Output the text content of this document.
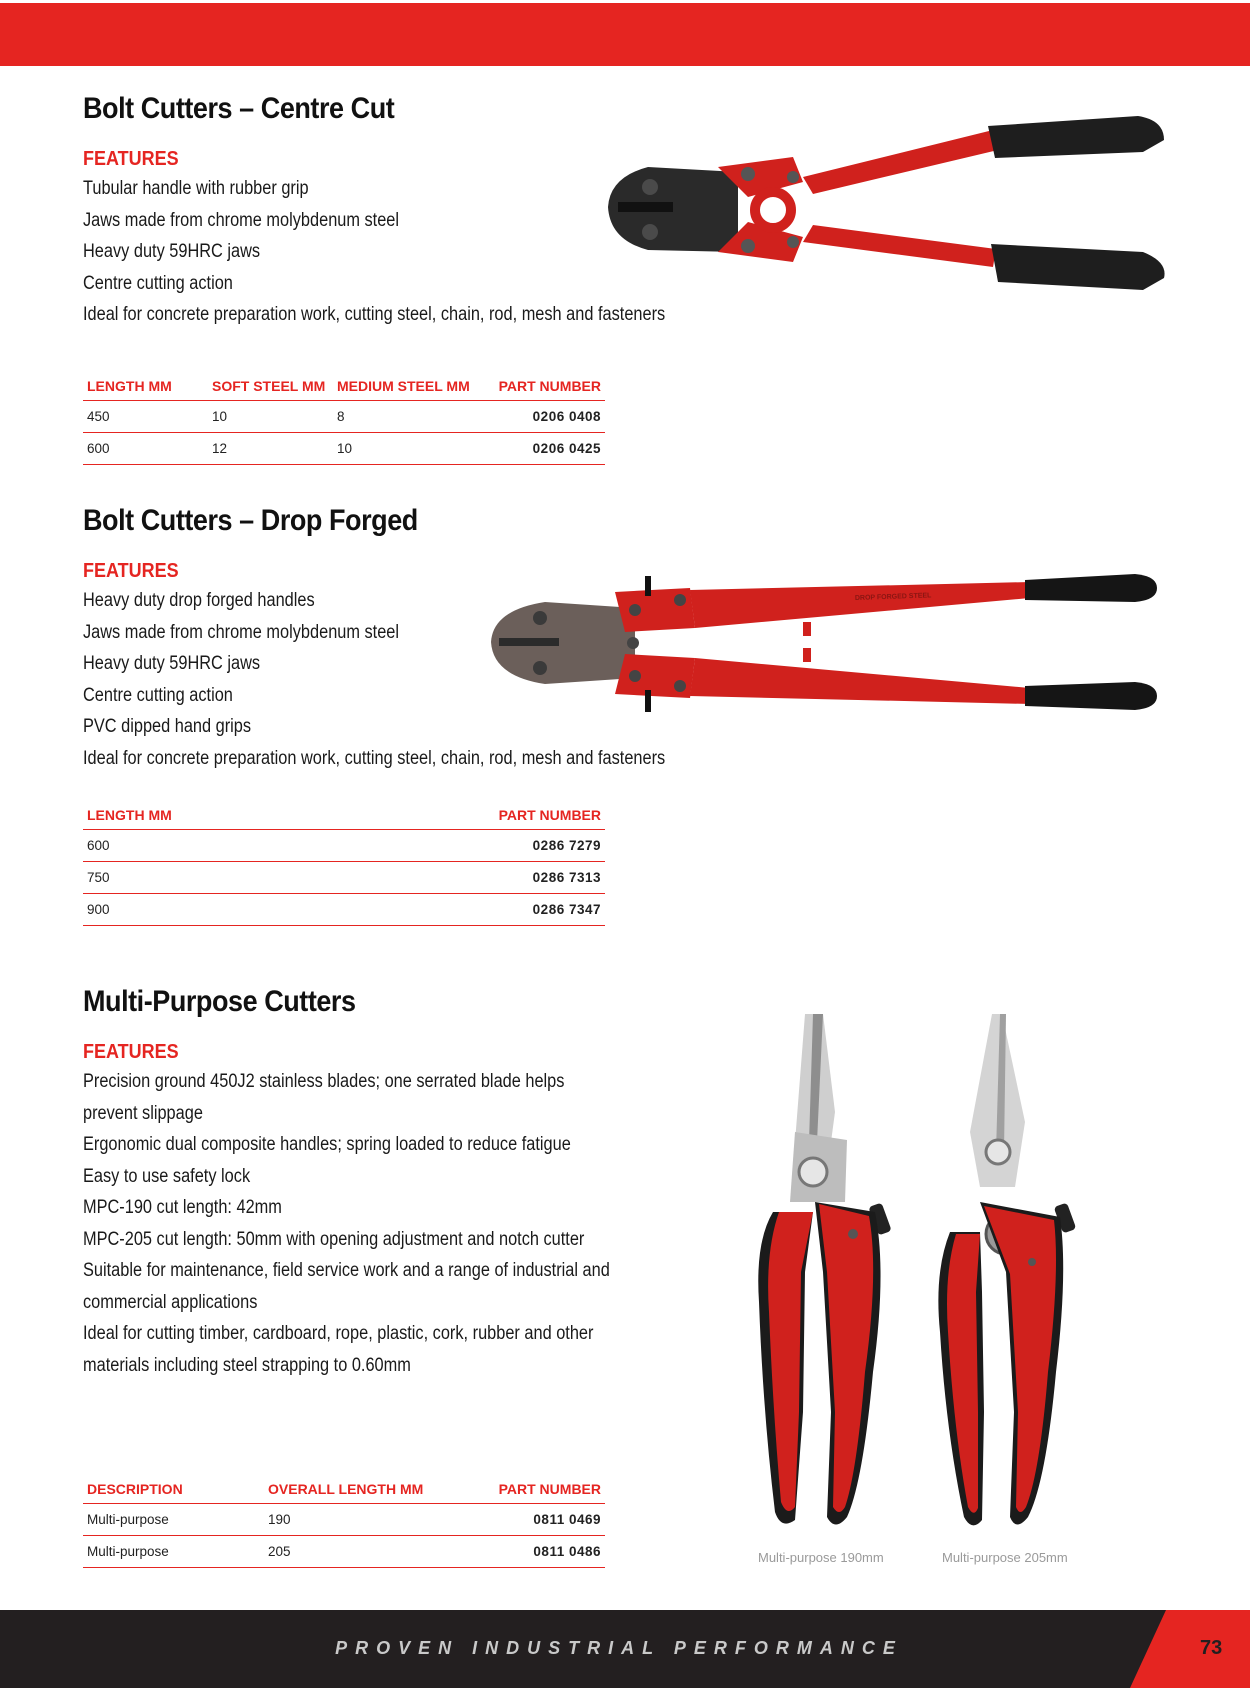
Bolt Cutters – Centre Cut
FEATURES
Tubular handle with rubber grip
Jaws made from chrome molybdenum steel
Heavy duty 59HRC jaws
Centre cutting action
Ideal for concrete preparation work, cutting steel, chain, rod, mesh and fasteners
LENGTH MM	SOFT STEEL MM	MEDIUM STEEL MM	PART NUMBER
450	10	8	0206 0408
600	12	10	0206 0425
Bolt Cutters – Drop Forged
FEATURES
Heavy duty drop forged handles
Jaws made from chrome molybdenum steel
Heavy duty 59HRC jaws
Centre cutting action
PVC dipped hand grips
Ideal for concrete preparation work, cutting steel, chain, rod, mesh and fasteners
DROP FORGED STEEL
LENGTH MM	PART NUMBER
600	0286 7279
750	0286 7313
900	0286 7347
Multi-Purpose Cutters
FEATURES
Precision ground 450J2 stainless blades; one serrated blade helps
prevent slippage
Ergonomic dual composite handles; spring loaded to reduce fatigue
Easy to use safety lock
MPC-190 cut length: 42mm
MPC-205 cut length: 50mm with opening adjustment and notch cutter
Suitable for maintenance, field service work and a range of industrial and
commercial applications
Ideal for cutting timber, cardboard, rope, plastic, cork, rubber and other
materials including steel strapping to 0.60mm
Multi-purpose 190mm	Multi-purpose 205mm
DESCRIPTION	OVERALL LENGTH MM	PART NUMBER
Multi-purpose	190	0811 0469
Multi-purpose	205	0811 0486
PROVEN INDUSTRIAL PERFORMANCE	73
